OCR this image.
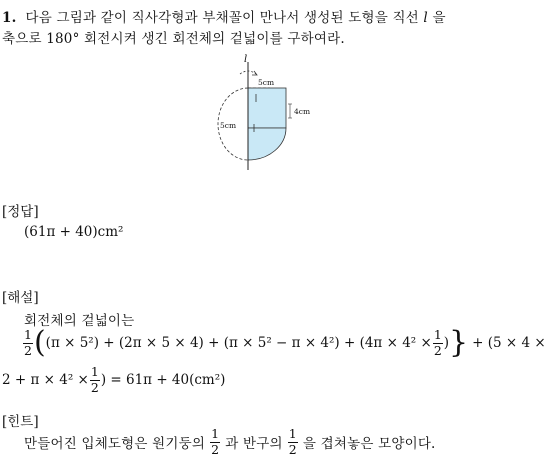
1. 다음 그림과 같이 직사각형과 부채꼴이 만나서 생성된 도형을 직선 l 을
축으로 180° 회전시켜 생긴 회전체의 겉넓이를 구하여라.
l
5cm
4cm
5cm
[정답]
(61π + 40)cm²
[해설]
회전체의 겉넓이는
$\frac{1}{2}$ ( $(\pi \times 5^2) + (2\pi \times 5 \times 4) + (\pi \times 5^2 - \pi \times 4^2) + (4\pi \times 4^2 \times \frac{1}{2}$ ) } + (5 × 4 ×
$2 + \pi \times 4^2 \times \frac{1}{2}$ ) = 61π + 40(cm²)
[힌트]
만들어진 입체도형은 원기둥의 $\frac{1}{2}$ 과 반구의 $\frac{1}{2}$ 을 겹쳐놓은 모양이다.
